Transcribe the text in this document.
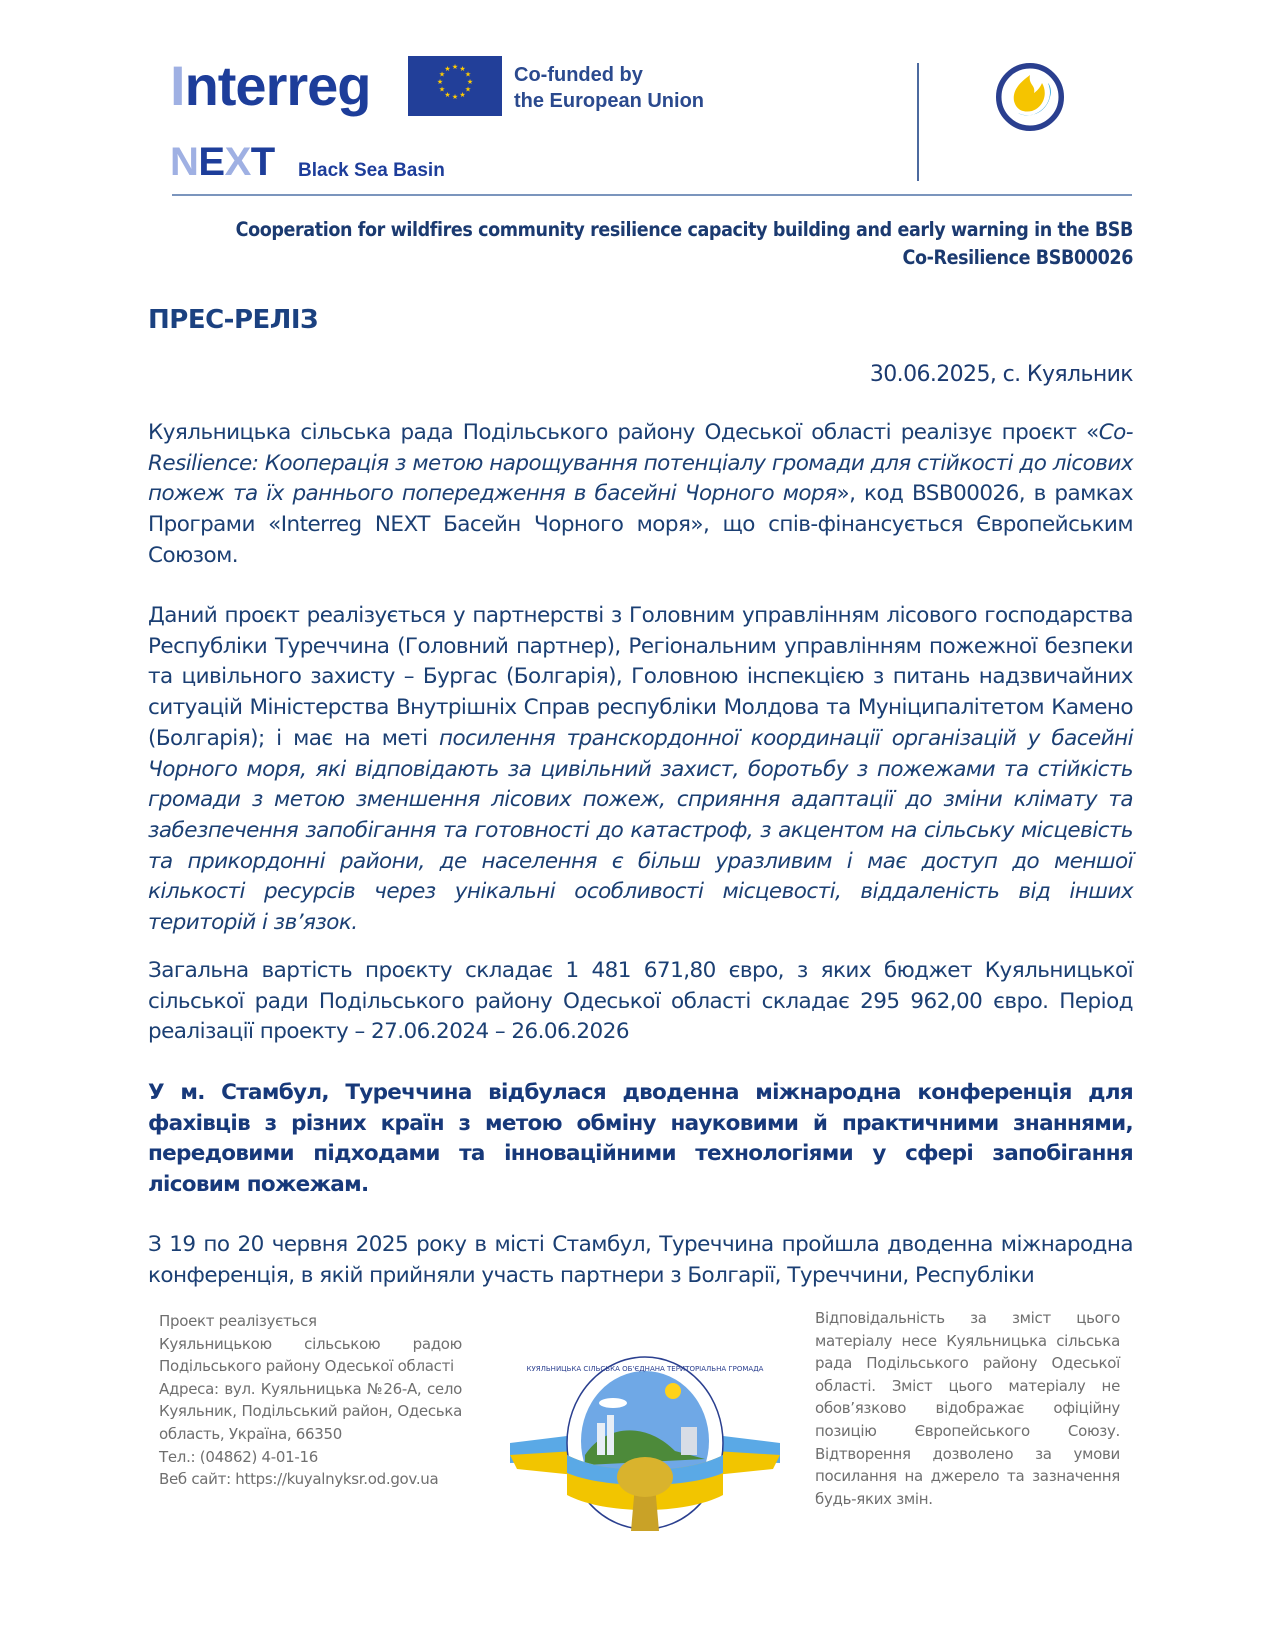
Interreg	★ ★
★
★
★
★
★
★
★
★
★
★	Co-funded by
the European Union
NEXT Black Sea Basin
Cooperation for wildfires community resilience capacity building and early warning in the BSB
Co-Resilience BSB00026
ПРЕС-РЕЛІЗ
30.06.2025, с. Куяльник
Куяльницька сільська рада Подільського району Одеської області реалізує проєкт «Co-Resilience: Кооперація з метою нарощування потенціалу громади для стійкості до лісових пожеж та їх раннього попередження в басейні Чорного моря», код BSB00026, в рамках Програми «Interreg NEXT Басейн Чорного моря», що спів-фінансується Європейським Союзом.
Даний проєкт реалізується у партнерстві з Головним управлінням лісового господарства Республіки Туреччина (Головний партнер), Регіональним управлінням пожежної безпеки та цивільного захисту – Бургас (Болгарія), Головною інспекцією з питань надзвичайних ситуацій Міністерства Внутрішніх Справ республіки Молдова та Муніципалітетом Камено (Болгарія); і має на меті посилення транскордонної координації організацій у басейні Чорного моря, які відповідають за цивільний захист, боротьбу з пожежами та стійкість громади з метою зменшення лісових пожеж, сприяння адаптації до зміни клімату та забезпечення запобігання та готовності до катастроф, з акцентом на сільську місцевість та прикордонні райони, де населення є більш уразливим і має доступ до меншої кількості ресурсів через унікальні особливості місцевості, віддаленість від інших територій і зв’язок.
Загальна вартість проєкту складає 1 481 671,80 євро, з яких бюджет Куяльницької сільської ради Подільського району Одеської області складає 295 962,00 євро. Період реалізації проекту – 27.06.2024 – 26.06.2026
У м. Стамбул, Туреччина відбулася дводенна міжнародна конференція для фахівців з різних країн з метою обміну науковими й практичними знаннями, передовими підходами та інноваційними технологіями у сфері запобігання лісовим пожежам.
З 19 по 20 червня 2025 року в місті Стамбул, Туреччина пройшла дводенна міжнародна конференція, в якій прийняли участь партнери з Болгарії, Туреччини, Республіки
Проект реалізується
Куяльницькою сільською радою Подільського району Одеської області
Адреса: вул. Куяльницька №26-А, село Куяльник, Подільський район, Одеська область, Україна, 66350
Тел.: (04862) 4-01-16
Веб сайт: https://kuyalnyksr.od.gov.ua
КУЯЛЬНИЦЬКА СІЛЬСЬКА ОБ'ЄДНАНА ТЕРИТОРІАЛЬНА ГРОМАДА
Відповідальність за зміст цього матеріалу несе Куяльницька сільська рада Подільського району Одеської області. Зміст цього матеріалу не обов’язково відображає офіційну позицію Європейського Союзу. Відтворення дозволено за умови посилання на джерело та зазначення будь-яких змін.
